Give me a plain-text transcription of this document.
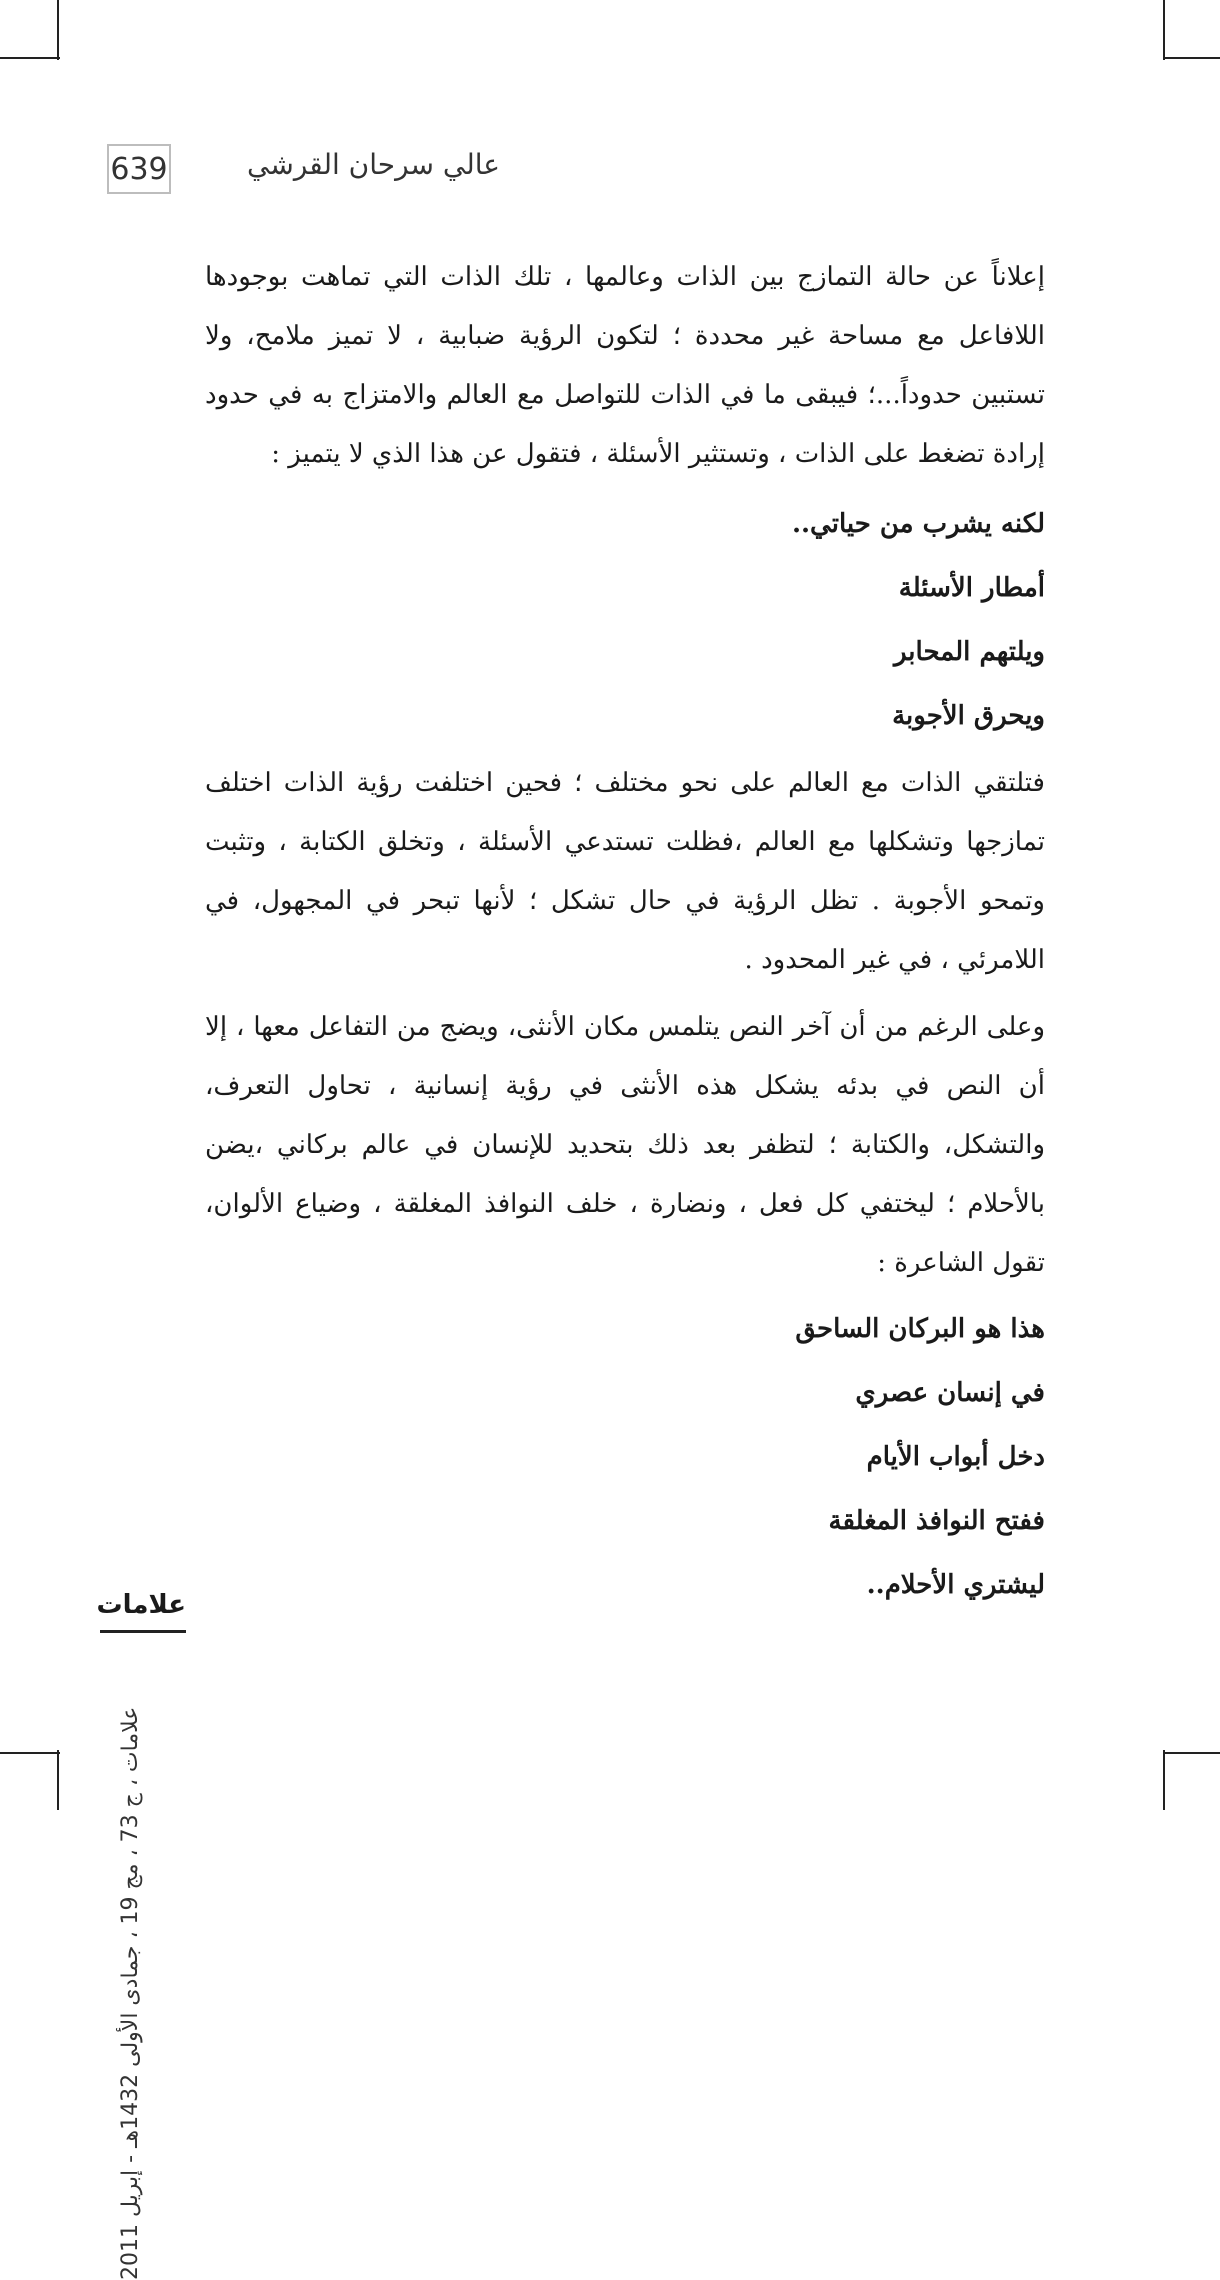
639	عالي سرحان القرشي

إعلاناً عن حالة التمازج بين الذات وعالمها ، تلك الذات التي تماهت بوجودها اللافاعل مع مساحة غير محددة ؛ لتكون الرؤية ضبابية ، لا تميز ملامح، ولا تستبين حدوداً...؛ فيبقى ما في الذات للتواصل مع العالم والامتزاج به في حدود إرادة تضغط على الذات ، وتستثير الأسئلة ، فتقول عن هذا الذي لا يتميز :

لكنه يشرب من حياتي..
أمطار الأسئلة
ويلتهم المحابر
ويحرق الأجوبة

فتلتقي الذات مع العالم على نحو مختلف ؛ فحين اختلفت رؤية الذات اختلف تمازجها وتشكلها مع العالم ،فظلت تستدعي الأسئلة ، وتخلق الكتابة ، وتثبت وتمحو الأجوبة . تظل الرؤية في حال تشكل ؛ لأنها تبحر في المجهول، في اللامرئي ، في غير المحدود .

وعلى الرغم من أن آخر النص يتلمس مكان الأنثى، ويضج من التفاعل معها ، إلا أن النص في بدئه يشكل هذه الأنثى في رؤية إنسانية ، تحاول التعرف، والتشكل، والكتابة ؛ لتظفر بعد ذلك بتحديد للإنسان في عالم بركاني ،يضن بالأحلام ؛ ليختفي كل فعل ، ونضارة ، خلف النوافذ المغلقة ، وضياع الألوان، تقول الشاعرة :

هذا هو البركان الساحق
في إنسان عصري
دخل أبواب الأيام
ففتح النوافذ المغلقة
ليشتري الأحلام..
علامات ، ج 73 ، مج 19 ، جمادى الأولى 1432هـ - إبريل 2011
علامات
